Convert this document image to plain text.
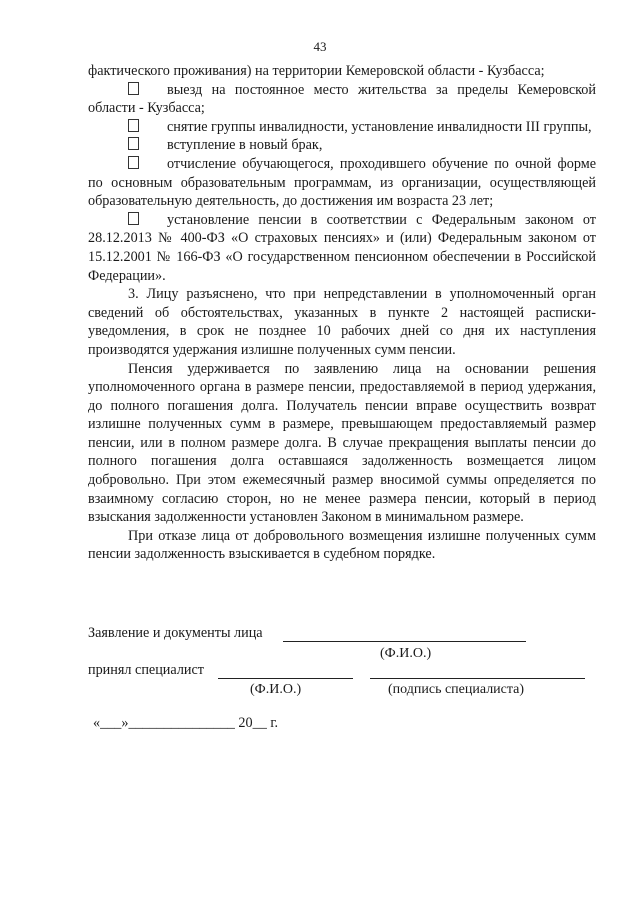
43

фактического проживания) на территории Кемеровской области - Кузбасса;

выезд на постоянное место жительства за пределы Кемеровской области - Кузбасса;

снятие группы инвалидности, установление инвалидности III группы,

вступление в новый брак,

отчисление обучающегося, проходившего обучение по очной форме по основным образовательным программам, из организации, осуществляющей образовательную деятельность, до достижения им возраста 23 лет;

установление пенсии в соответствии с Федеральным законом от 28.12.2013 № 400-ФЗ «О страховых пенсиях» и (или) Федеральным законом от 15.12.2001 № 166-ФЗ «О государственном пенсионном обеспечении в Российской Федерации».

3. Лицу разъяснено, что при непредставлении в уполномоченный орган сведений об обстоятельствах, указанных в пункте 2 настоящей расписки-уведомления, в срок не позднее 10 рабочих дней со дня их наступления производятся удержания излишне полученных сумм пенсии.

Пенсия удерживается по заявлению лица на основании решения уполномоченного органа в размере пенсии, предоставляемой в период удержания, до полного погашения долга. Получатель пенсии вправе осуществить возврат излишне полученных сумм в размере, превышающем предоставляемый размер пенсии, или в полном размере долга. В случае прекращения выплаты пенсии до полного погашения долга оставшаяся задолженность возмещается лицом добровольно. При этом ежемесячный размер вносимой суммы определяется по взаимному согласию сторон, но не менее размера пенсии, который в период взыскания задолженности установлен Законом в минимальном размере.

При отказе лица от добровольного возмещения излишне полученных сумм пенсии задолженность взыскивается в судебном порядке.

Заявление и документы лица
(Ф.И.О.)
принял специалист
(Ф.И.О.)	(подпись специалиста)
«___»_______________ 20__ г.
